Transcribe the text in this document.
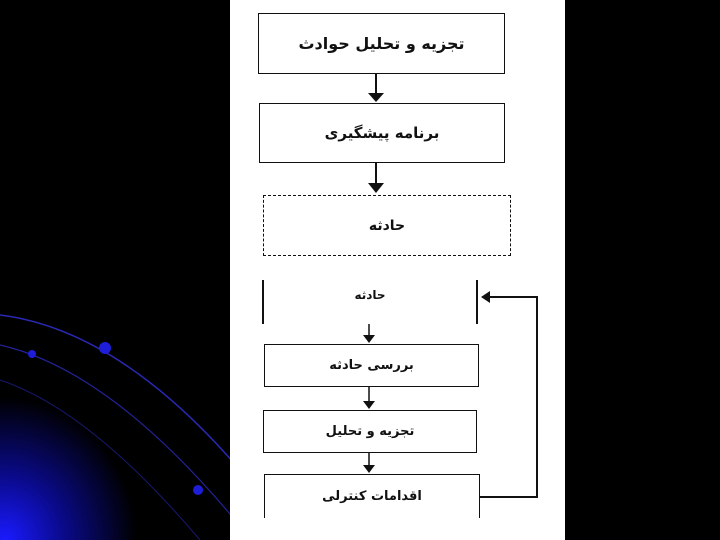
تجزیه و تحلیل حوادث
برنامه پیشگیری
حادثه
حادثه
بررسی حادثه
تجزیه و تحلیل
اقدامات کنترلی
